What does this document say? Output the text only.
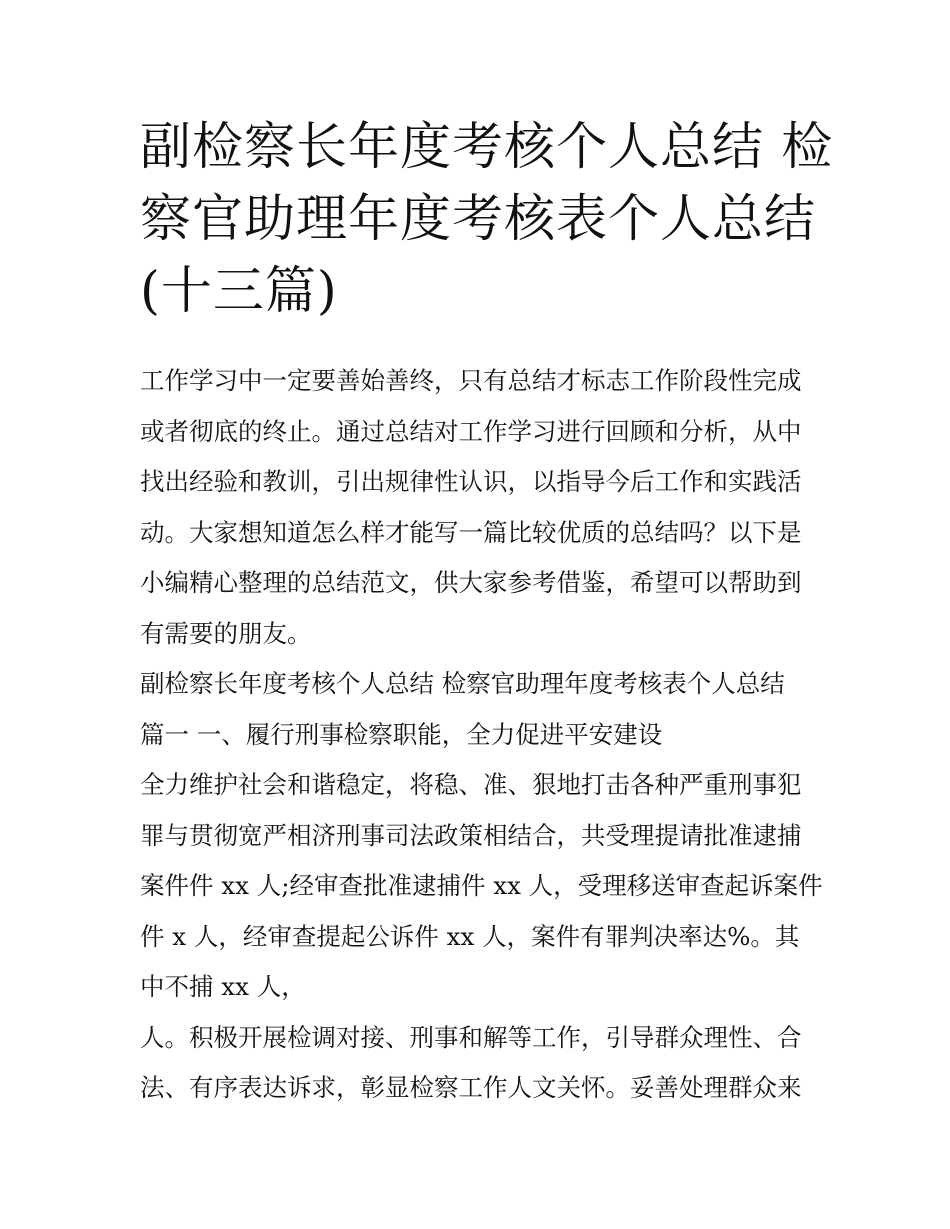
副检察长年度考核个人总结 检
察官助理年度考核表个人总结
(十三篇)
工作学习中一定要善始善终，只有总结才标志工作阶段性完成
或者彻底的终止。通过总结对工作学习进行回顾和分析，从中
找出经验和教训，引出规律性认识，以指导今后工作和实践活
动。大家想知道怎么样才能写一篇比较优质的总结吗？以下是
小编精心整理的总结范文，供大家参考借鉴，希望可以帮助到
有需要的朋友。
副检察长年度考核个人总结 检察官助理年度考核表个人总结
篇一 一、履行刑事检察职能，全力促进平安建设
全力维护社会和谐稳定，将稳、准、狠地打击各种严重刑事犯
罪与贯彻宽严相济刑事司法政策相结合，共受理提请批准逮捕
案件件 xx 人;经审查批准逮捕件 xx 人，受理移送审查起诉案件
件 x 人，经审查提起公诉件 xx 人，案件有罪判决率达%。其
中不捕 xx 人，
人。积极开展检调对接、刑事和解等工作，引导群众理性、合
法、有序表达诉求，彰显检察工作人文关怀。妥善处理群众来
